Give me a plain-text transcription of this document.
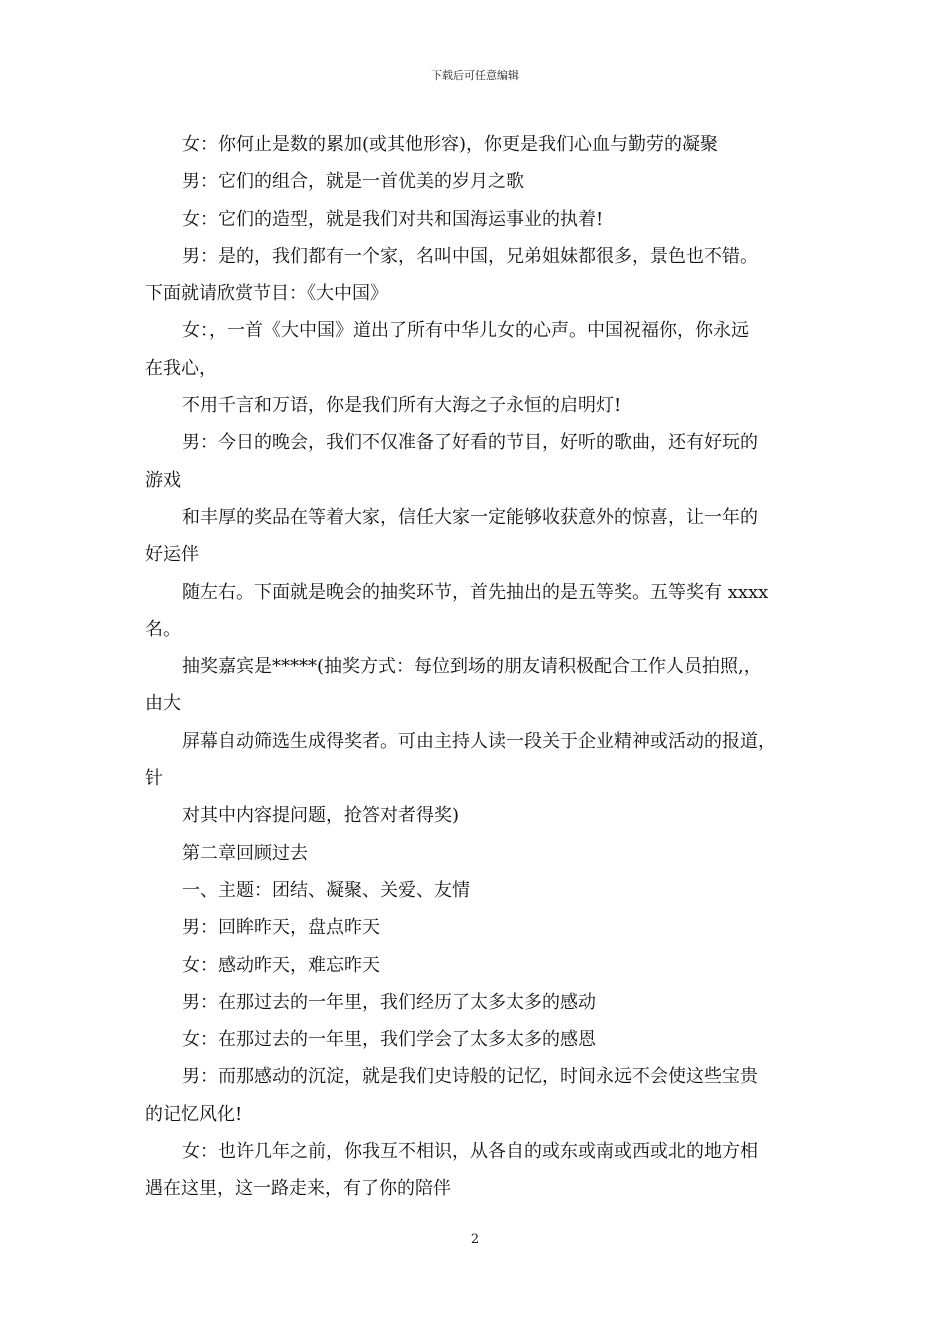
下载后可任意编辑

女：你何止是数的累加(或其他形容)，你更是我们心血与勤劳的凝聚

男：它们的组合，就是一首优美的岁月之歌

女：它们的造型，就是我们对共和国海运事业的执着!

男：是的，我们都有一个家，名叫中国，兄弟姐妹都很多，景色也不错。

下面就请欣赏节目：《大中国》

女：，一首《大中国》道出了所有中华儿女的心声。中国祝福你，你永远

在我心，

不用千言和万语，你是我们所有大海之子永恒的启明灯!

男：今日的晚会，我们不仅准备了好看的节目，好听的歌曲，还有好玩的

游戏

和丰厚的奖品在等着大家，信任大家一定能够收获意外的惊喜，让一年的

好运伴

随左右。下面就是晚会的抽奖环节，首先抽出的是五等奖。五等奖有 xxxx

名。

抽奖嘉宾是*****(抽奖方式：每位到场的朋友请积极配合工作人员拍照,，

由大

屏幕自动筛选生成得奖者。可由主持人读一段关于企业精神或活动的报道，

针

对其中内容提问题，抢答对者得奖)

第二章回顾过去

一、主题：团结、凝聚、关爱、友情

男：回眸昨天，盘点昨天

女：感动昨天，难忘昨天

男：在那过去的一年里，我们经历了太多太多的感动

女：在那过去的一年里，我们学会了太多太多的感恩

男：而那感动的沉淀，就是我们史诗般的记忆，时间永远不会使这些宝贵

的记忆风化!

女：也许几年之前，你我互不相识，从各自的或东或南或西或北的地方相

遇在这里，这一路走来，有了你的陪伴

2
